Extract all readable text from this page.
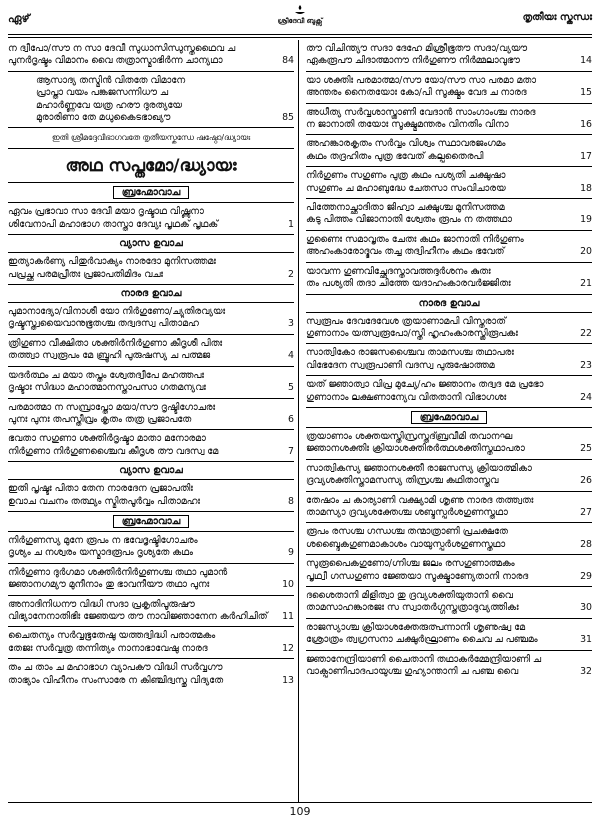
ഏഴ്	ശ്രീദേവീ ബുക്സ്	തൃതീയഃ സ്കന്ധഃ
ന ദ്വീപോ/സൗ ന സാ ദേവീ സുധാസിന്ധുസ്തഥൈവ ച
പുനർദൃഷ്ടം വിമാനം വൈ തത്രാസ്മാഭിർന്ന ചാന്യഥാ	84
ആസാദ്യ തസ്മിൻ വിതതേ വിമാനേ
പ്രാപ്താ വയം പങ്കജസന്നിധൗ ച
മഹാർണ്ണവേ യത്ര ഹരൗ ദുരത്യയേ
മുരാരിണാ തേ മധുകൈടഭാഖ്യൗ	85
ഇതി ശ്രീമദ്ദേവീഭാഗവതേ തൃതീയസ്കന്ധേ ഷഷ്ഠോ/ദ്ധ്യായഃ
അഥ സപ്തമോ/ദ്ധ്യായഃ
ബ്രഹ്മോവാച
ഏവം പ്രഭാവാ സാ ദേവീ മയാ ദൃഷ്ടാഥ വിഷ്ണുനാ
ശിവേനാപി മഹാഭാഗ താസ്താ ദേവ്യഃ പൃഥക് പൃഥക്	1
വ്യാസ ഉവാച
ഇത്യാകർണ്യ പിതുർവാക്യം നാരദോ മുനിസത്തമഃ
പപ്രച്ഛ പരമപ്രീതഃ പ്രജാപതിമിദം വചഃ	2
നാരദ ഉവാച
പുമാനാദ്യോ/വിനാശീ യോ നിർഗുണോ/ച്യുതിരവ്യയഃ
ദൃഷ്ടസ്ത്വയൈവാനുഭൂതശ്ച തദ്വദസ്വ പിതാമഹ	3
ത്രിഗുണാ വീക്ഷിതാ ശക്തിർനിർഗുണാ കീദൃശീ പിതഃ
തത്ത്വാ സ്വരൂപം മേ ബ്രൂഹി പുരുഷസ്യ ച പത്മജ	4
യദർത്ഥം ച മയാ തപ്തം ശ്വേതദ്വീപേ മഹത്തപഃ
ദൃഷ്ടാഃ സിദ്ധാ മഹാത്മാനസ്താപസാ ഗതമന്യവഃ	5
പരമാത്മാ ന സമ്പ്രാപ്തോ മയാ/സൗ ദൃഷ്ടിഗോചരഃ
പുനഃ പുനഃ തപസ്തീവ്രം കൃതം തത്ര പ്രജാപതേ	6
ഭവതാ സഗുണാ ശക്തിർദൃഷ്ടാ മാതാ മനോരമാ
നിർഗുണാ നിർഗുണശ്ചൈവ കീദൃശ തൗ വദസ്വ മേ	7
വ്യാസ ഉവാച
ഇതി പൃഷ്ടഃ പിതാ തേന നാരദേന പ്രജാപതിഃ
ഉവാച വചനം തത്ഥ്യം സ്മിതപൂർവ്വം പിതാമഹഃ	8
ബ്രഹ്മോവാച
നിർഗുണസ്യ മുനേ രൂപം ന ഭവേദ്ദൃഷ്ടിഗോചരം
ദൃശ്യം ച നശ്വരം യസ്മാദരൂപം ദൃശ്യതേ കഥം	9
നിർഗുണാ ദുർഗമാ ശക്തിർനിർഗുണശ്ച തഥാ പുമാൻ
ജ്ഞാനഗമ്യൗ മുനീനാം തു ഭാവനീയൗ തഥാ പുനഃ	10
അനാദിനിധനൗ വിദ്ധി സദാ പ്രകൃതിപൂരുഷൗ
വിഭ്യാനേനാതിഭിഃ ജ്ഞേയൗ തൗ നാവിജ്ഞാനേന കർഹിചിത്	11
ചൈതന്യം സർവ്വഭൂതേഷു യത്തദ്വിദ്ധി പരാത്മകം
തേജഃ സർവ്വത്ര തന്നിത്യം നാനാഭാവേഷു നാരദ	12
തം ച താം ച മഹാഭാഗ വ്യാപകൗ വിദ്ധി സർവ്വഗൗ
താഭ്യാം വിഹീനം സംസാരേ ന കിഞ്ചിദ്വസ്തു വിദ്യതേ	13
തൗ വിചിന്ത്യൗ സദാ ദേഹേ മിശ്രീഭൂതൗ സദാ/വ്യയൗ
ഏകരൂപൗ ചിദാത്മാനൗ നിർഗുണൗ നിർമ്മലാവുഭൗ	14
യാ ശക്തിഃ പരമാത്മാ/സൗ യോ/സൗ സാ പരമാ മതാ
അന്തരം നൈതയോഃ കോ/പി സൂക്ഷ്മം വേദ ച നാരദ	15
അധീത്യ സർവ്വശാസ്ത്രാണി വേദാൻ സാംഗാംശ്ച നാരദ
ന ജാനാതി തയോഃ സൂക്ഷ്മമന്തരം വിനതിം വിനാ	16
അഹങ്കാരകൃതം സർവ്വം വിശ്വം സ്ഥാവരജംഗമം
കഥം തദ്രഹിതം പുത്ര ഭവേത് കല്പതൈരപി	17
നിർഗുണം സഗുണം പുത്ര കഥം പശ്യതി ചക്ഷുഷാ
സഗുണം ച മഹാബുദ്ധേ ചേതസാ സംവിചാരയ	18
പിത്തേനാച്ഛാദിതാ ജിഹ്വാ ചക്ഷുശ്ച മുനിസത്തമ
കടു പിത്തം വിജാനാതി ശ്വേതം രൂപം ന തത്തഥാ	19
ഗുണൈഃ സമാവൃതം ചേതഃ കഥം ജാനാതി നിർഗുണം
അഹംകാരോദ്ഭവം തച്ച തദ്വിഹീനം കഥം ഭവേത്	20
യാവന്ന ഗുണവിച്ഛേദസ്താവത്തദ്ദർശനം കുതഃ
തം പശ്യതി തദാ ചിത്തേ യദാഹംകാരവർജ്ജിതഃ	21
നാരദ ഉവാച
സ്വരൂപം ദേവദേവേശ ത്രയാണാമപി വിസ്തരാത്
ഗുണാനാം യത്സ്വരൂപോ/സ്തി ഹൃഹംകാരസ്ത്രിരൂപകഃ	22
സാത്വികോ രാജസശ്ചൈവ താമസശ്ച തഥാപരഃ
വിഭേദേന സ്വരൂപാണി വദസ്വ പുരുഷോത്തമ	23
യത് ജ്ഞാത്വാ വിപ്ര മുച്യേ/ഹം ജ്ഞാനം തദ്വദ മേ പ്രഭോ
ഗുണാനാം ലക്ഷണാന്യേവ വിതതാനി വിഭാഗശഃ	24
ബ്രഹ്മോവാച
ത്രയാണാം ശക്തയസ്തിസ്രസ്തദ്ബ്രവീമി തവാനഘ
ജ്ഞാനശക്തിഃ ക്രിയാശക്തിരർത്ഥശക്തിസ്തഥാപരാ	25
സാത്വികസ്യ ജ്ഞാനശക്തീ രാജസസ്യ ക്രിയാത്മികാ
ദ്രവ്യശക്തിസ്താമസസ്യ തിസ്രശ്ച കഥിതാസ്തവ	26
തേഷാം ച കാര്യാണി വക്ഷ്യാമി ശൃണു നാരദ തത്ത്വതഃ
താമസ്യാ ദ്രവ്യശക്തേശ്ച ശബ്ദസ്പർശഗുണസ്തഥാ	27
രൂപം രസശ്ച ഗന്ധശ്ച തന്മാത്രാണി പ്രചക്ഷതേ
ശബ്ദൈകഗുണമാകാശം വായുസ്പർശഗുണസ്തഥാ	28
സുരൂപൈകഗുണോ/ഗ്നിശ്ച ജലം രസഗുണാത്മകം
പൃഥ്വീ ഗന്ധഗുണാ ജ്ഞേയാ സൂക്ഷ്മാണ്യേതാനി നാരദ	29
ദശൈതാനി മിളിത്വാ തു ദ്രവ്യശക്തിയുതാനി വൈ
താമസാഹങ്കാരജഃ സ സ്വാതർഗ്ഗസ്തത്രാദുവ്യത്തികഃ	30
രാജസ്യാശ്ച ക്രിയാശക്തേരുത്പന്നാനി ശൃണുഷ്വ മേ
ശ്രോത്രം ത്വഗ്രസനാ ചക്ഷുർഘ്രാണം ചൈവ ച പഞ്ചമം	31
ജ്ഞാനേന്ദ്രിയാണി ചൈതാനി തഥാകർമ്മേന്ദ്രിയാണി ച
വാക്പാണിപാദപായുശ്ച ഗുഹ്യാന്താനി ച പഞ്ച വൈ	32
109
